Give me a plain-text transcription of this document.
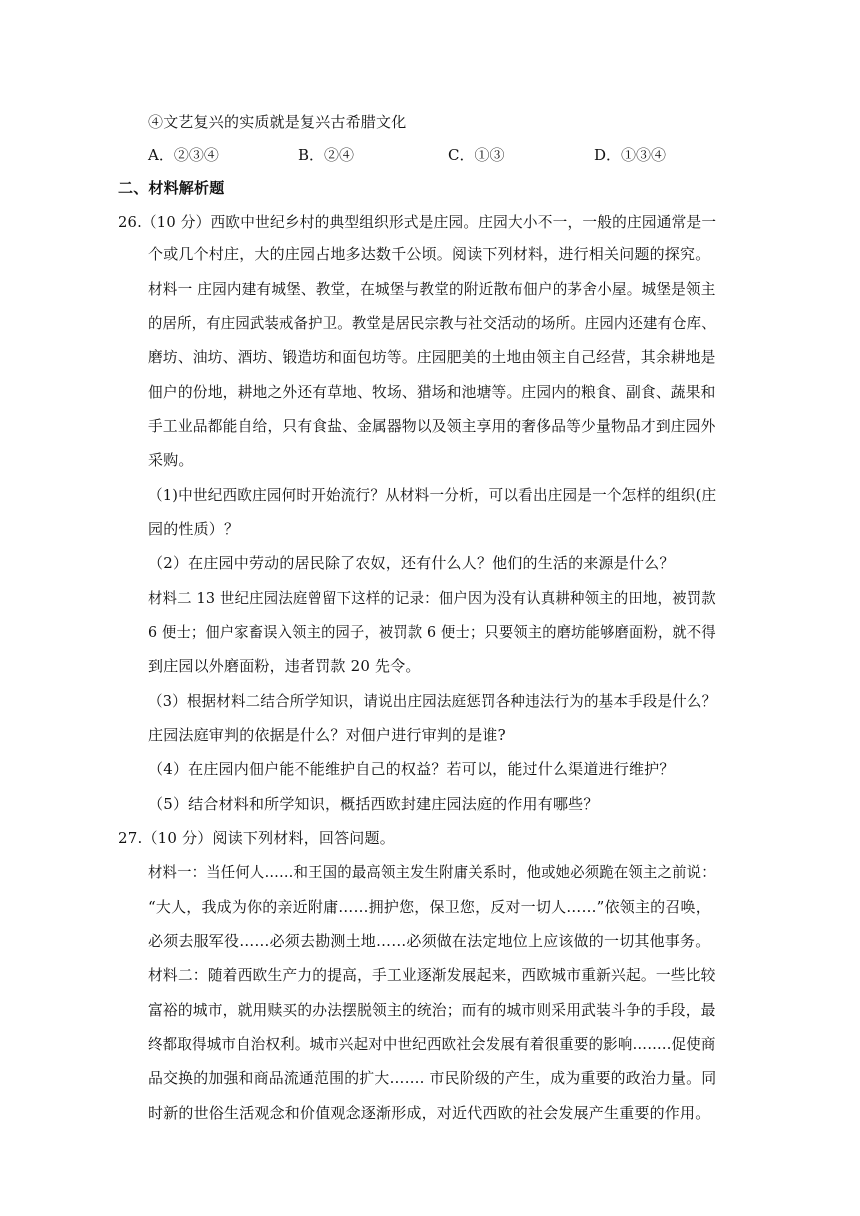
④文艺复兴的实质就是复兴古希腊文化
A．②③④	B．②④	C．①③	D．①③④
二、材料解析题
26.（10 分）西欧中世纪乡村的典型组织形式是庄园。庄园大小不一，一般的庄园通常是一
个或几个村庄，大的庄园占地多达数千公顷。阅读下列材料，进行相关问题的探究。
材料一 庄园内建有城堡、教堂，在城堡与教堂的附近散布佃户的茅舍小屋。城堡是领主
的居所，有庄园武装戒备护卫。教堂是居民宗教与社交活动的场所。庄园内还建有仓库、
磨坊、油坊、酒坊、锻造坊和面包坊等。庄园肥美的土地由领主自己经营，其余耕地是
佃户的份地，耕地之外还有草地、牧场、猎场和池塘等。庄园内的粮食、副食、蔬果和
手工业品都能自给，只有食盐、金属器物以及领主享用的奢侈品等少量物品才到庄园外
采购。
（1)中世纪西欧庄园何时开始流行？从材料一分析，可以看出庄园是一个怎样的组织(庄
园的性质）？
（2）在庄园中劳动的居民除了农奴，还有什么人？他们的生活的来源是什么？
材料二 13 世纪庄园法庭曾留下这样的记录：佃户因为没有认真耕种领主的田地，被罚款
6 便士；佃户家畜误入领主的园子，被罚款 6 便士；只要领主的磨坊能够磨面粉，就不得
到庄园以外磨面粉，违者罚款 20 先令。
（3）根据材料二结合所学知识，请说出庄园法庭惩罚各种违法行为的基本手段是什么？
庄园法庭审判的依据是什么？对佃户进行审判的是谁?
（4）在庄园内佃户能不能维护自己的权益？若可以，能过什么渠道进行维护？
（5）结合材料和所学知识，概括西欧封建庄园法庭的作用有哪些？
27.（10 分）阅读下列材料，回答问题。
材料一：当任何人……和王国的最高领主发生附庸关系时，他或她必须跪在领主之前说：
“大人，我成为你的亲近附庸……拥护您，保卫您，反对一切人……”依领主的召唤，
必须去服军役……必须去勘测土地……必须做在法定地位上应该做的一切其他事务。
材料二：随着西欧生产力的提高，手工业逐渐发展起来，西欧城市重新兴起。一些比较
富裕的城市，就用赎买的办法摆脱领主的统治；而有的城市则采用武装斗争的手段，最
终都取得城市自治权利。城市兴起对中世纪西欧社会发展有着很重要的影响……..促使商
品交换的加强和商品流通范围的扩大……. 市民阶级的产生，成为重要的政治力量。同
时新的世俗生活观念和价值观念逐渐形成，对近代西欧的社会发展产生重要的作用。
